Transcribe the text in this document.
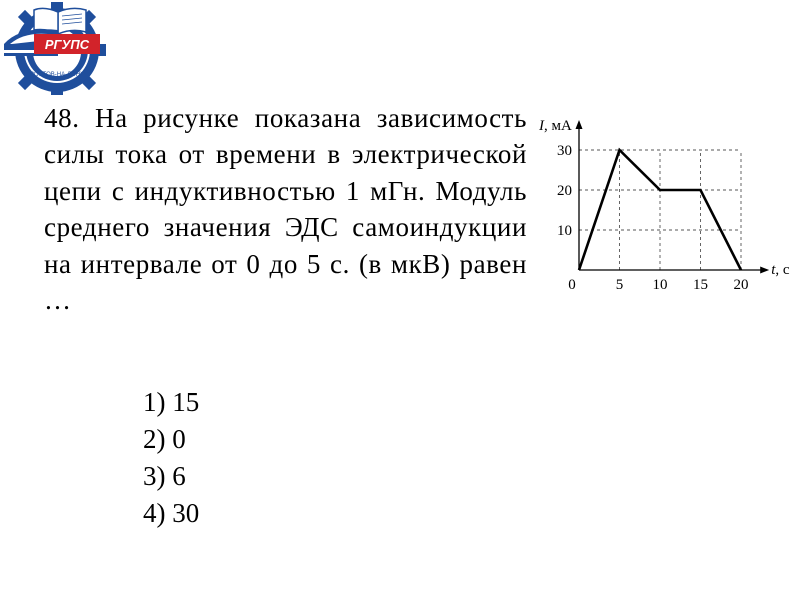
РГУПС
РОСТОВ-НА-ДОНУ

48. На рисунке показана зависимость силы тока от времени в электрической цепи с индуктивностью 1 мГн. Модуль среднего значения ЭДС самоиндукции на интервале от 0 до 5 с. (в мкВ) равен …

1) 15
2) 0
3) 6
4) 30
0	5 10 15 20
10
20
30
I, мА
t, с
